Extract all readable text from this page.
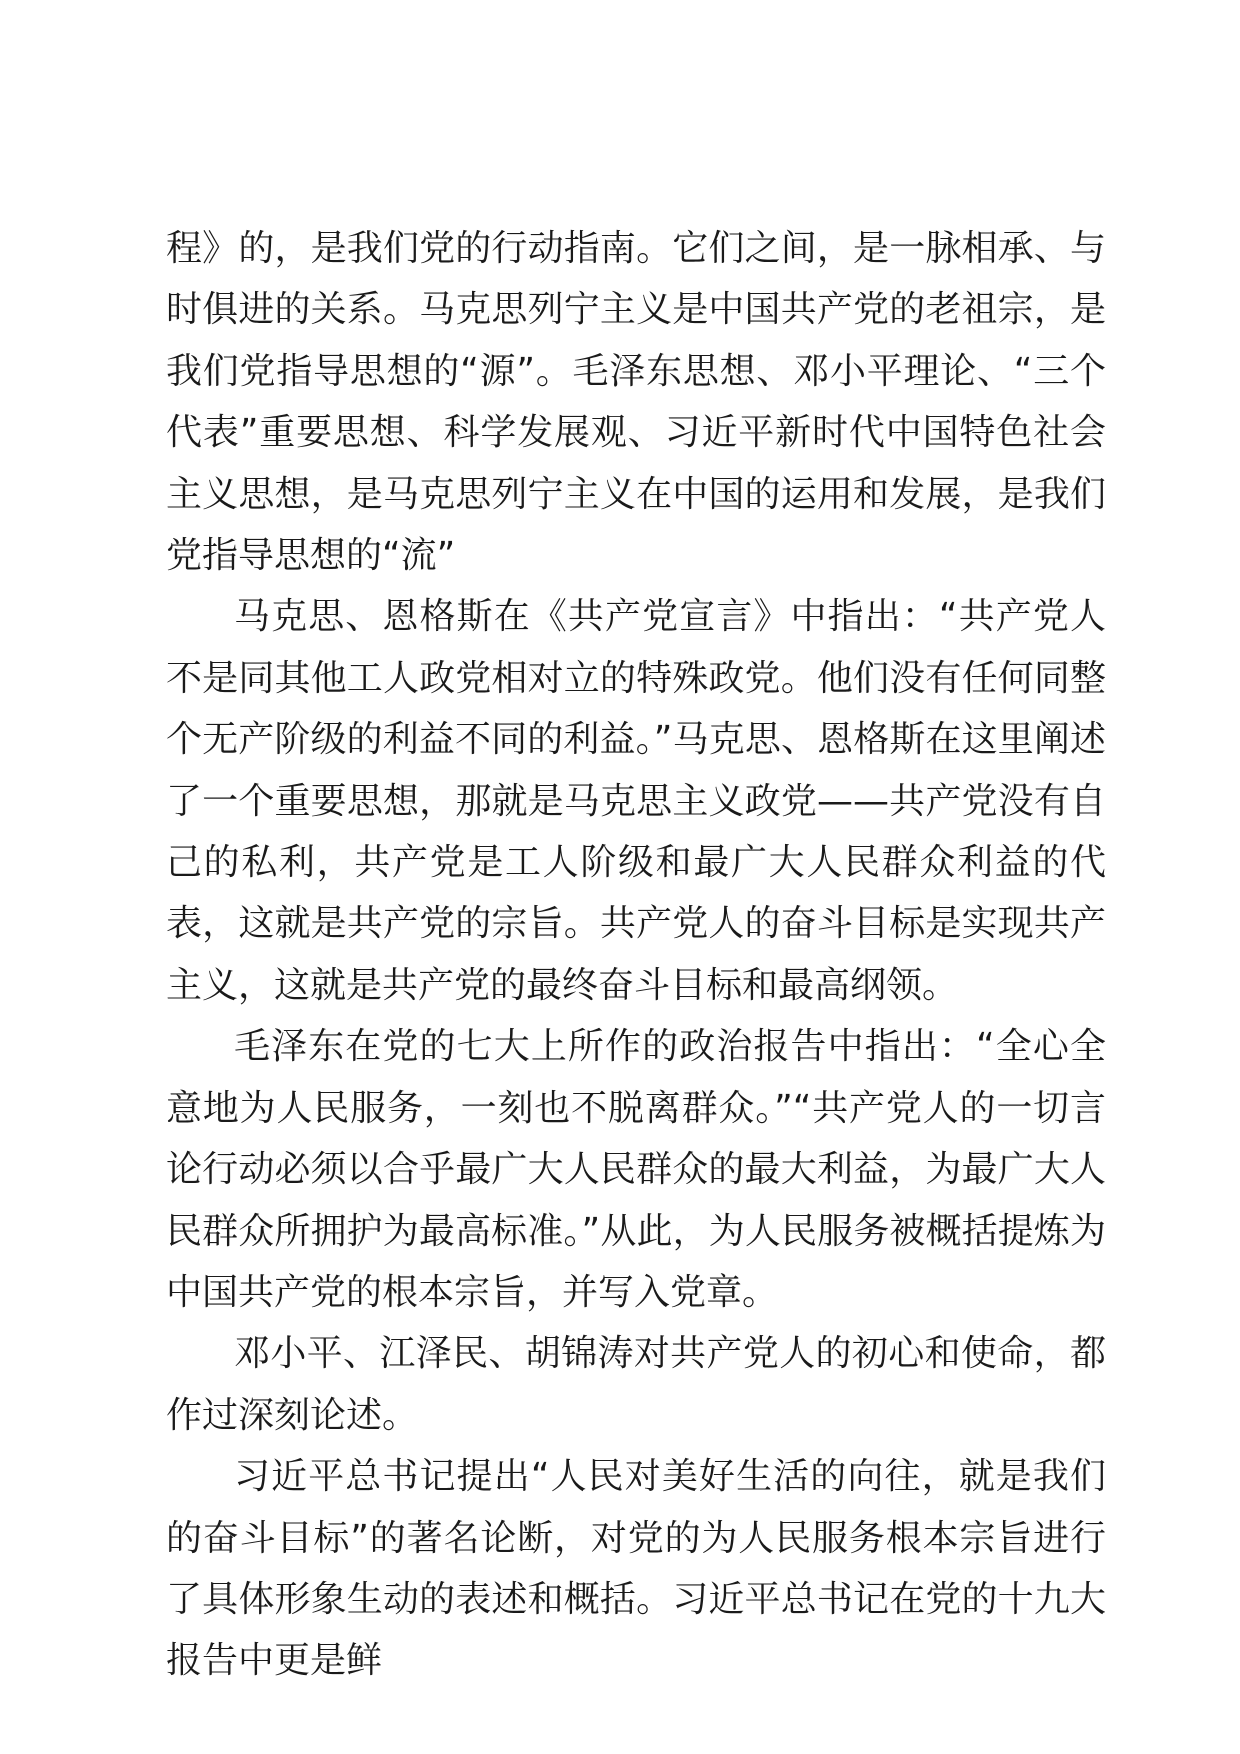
程》的，是我们党的行动指南。它们之间，是一脉相承、与时俱进的关系。马克思列宁主义是中国共产党的老祖宗，是我们党指导思想的“源”。毛泽东思想、邓小平理论、“三个代表”重要思想、科学发展观、习近平新时代中国特色社会主义思想，是马克思列宁主义在中国的运用和发展，是我们党指导思想的“流”

马克思、恩格斯在《共产党宣言》中指出：“共产党人不是同其他工人政党相对立的特殊政党。他们没有任何同整个无产阶级的利益不同的利益。”马克思、恩格斯在这里阐述了一个重要思想，那就是马克思主义政党——共产党没有自己的私利，共产党是工人阶级和最广大人民群众利益的代表，这就是共产党的宗旨。共产党人的奋斗目标是实现共产主义，这就是共产党的最终奋斗目标和最高纲领。

毛泽东在党的七大上所作的政治报告中指出：“全心全意地为人民服务，一刻也不脱离群众。”“共产党人的一切言论行动必须以合乎最广大人民群众的最大利益，为最广大人民群众所拥护为最高标准。”从此，为人民服务被概括提炼为中国共产党的根本宗旨，并写入党章。

邓小平、江泽民、胡锦涛对共产党人的初心和使命，都作过深刻论述。

习近平总书记提出“人民对美好生活的向往，就是我们的奋斗目标”的著名论断，对党的为人民服务根本宗旨进行了具体形象生动的表述和概括。习近平总书记在党的十九大报告中更是鲜
